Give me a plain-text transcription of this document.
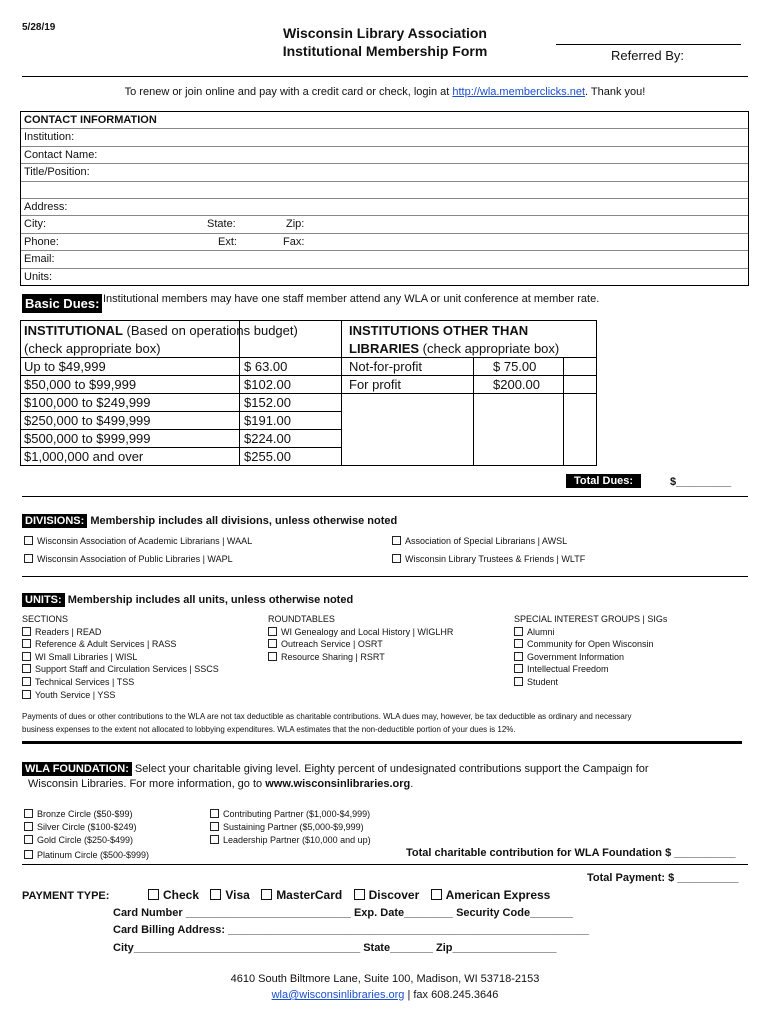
5/28/19	Wisconsin Library Association
Institutional Membership Form	Referred By:
To renew or join online and pay with a credit card or check, login at http://wla.memberclicks.net. Thank you!
CONTACT INFORMATION
Institution:
Contact Name:
Title/Position:
Address:
City:	State:	Zip:
Phone:	Ext:	Fax:
Email:
Units:
Basic Dues: Institutional members may have one staff member attend any WLA or unit conference at member rate.
INSTITUTIONAL (Based on operations budget)
(check appropriate box)
Up to $49,999	$ 63.00
$50,000 to $99,999	$102.00
$100,000 to $249,999	$152.00
$250,000 to $499,999	$191.00
$500,000 to $999,999	$224.00
$1,000,000 and over	$255.00
INSTITUTIONS OTHER THAN
LIBRARIES (check appropriate box)
Not-for-profit	$ 75.00
For profit	$200.00
Total Dues:	$_________
DIVISIONS: Membership includes all divisions, unless otherwise noted
Wisconsin Association of Academic Librarians | WAAL	Association of Special Librarians | AWSL
Wisconsin Association of Public Libraries | WAPL	Wisconsin Library Trustees & Friends | WLTF
UNITS: Membership includes all units, unless otherwise noted
SECTIONS
Readers | READ
Reference & Adult Services | RASS
WI Small Libraries | WISL
Support Staff and Circulation Services | SSCS
Technical Services | TSS
Youth Service | YSS
ROUNDTABLES
WI Genealogy and Local History | WIGLHR
Outreach Service | OSRT
Resource Sharing | RSRT
SPECIAL INTEREST GROUPS | SIGs
Alumni
Community for Open Wisconsin
Government Information
Intellectual Freedom
Student
Payments of dues or other contributions to the WLA are not tax deductible as charitable contributions. WLA dues may, however, be tax deductible as ordinary and necessary
business expenses to the extent not allocated to lobbying expenditures. WLA estimates that the non-deductible portion of your dues is 12%.
WLA FOUNDATION: Select your charitable giving level. Eighty percent of undesignated contributions support the Campaign for
Wisconsin Libraries. For more information, go to www.wisconsinlibraries.org.
Bronze Circle ($50-$99)
Silver Circle ($100-$249)
Gold Circle ($250-$499)
Platinum Circle ($500-$999)
Contributing Partner ($1,000-$4,999)
Sustaining Partner ($5,000-$9,999)
Leadership Partner ($10,000 and up)
Total charitable contribution for WLA Foundation $ __________
Total Payment: $ __________
PAYMENT TYPE:	Check Visa MasterCard Discover American Express
Card Number ___________________________ Exp. Date________ Security Code_______
Card Billing Address: ___________________________________________________________
City_____________________________________ State_______ Zip_________________
4610 South Biltmore Lane, Suite 100, Madison, WI 53718-2153
wla@wisconsinlibraries.org | fax 608.245.3646
